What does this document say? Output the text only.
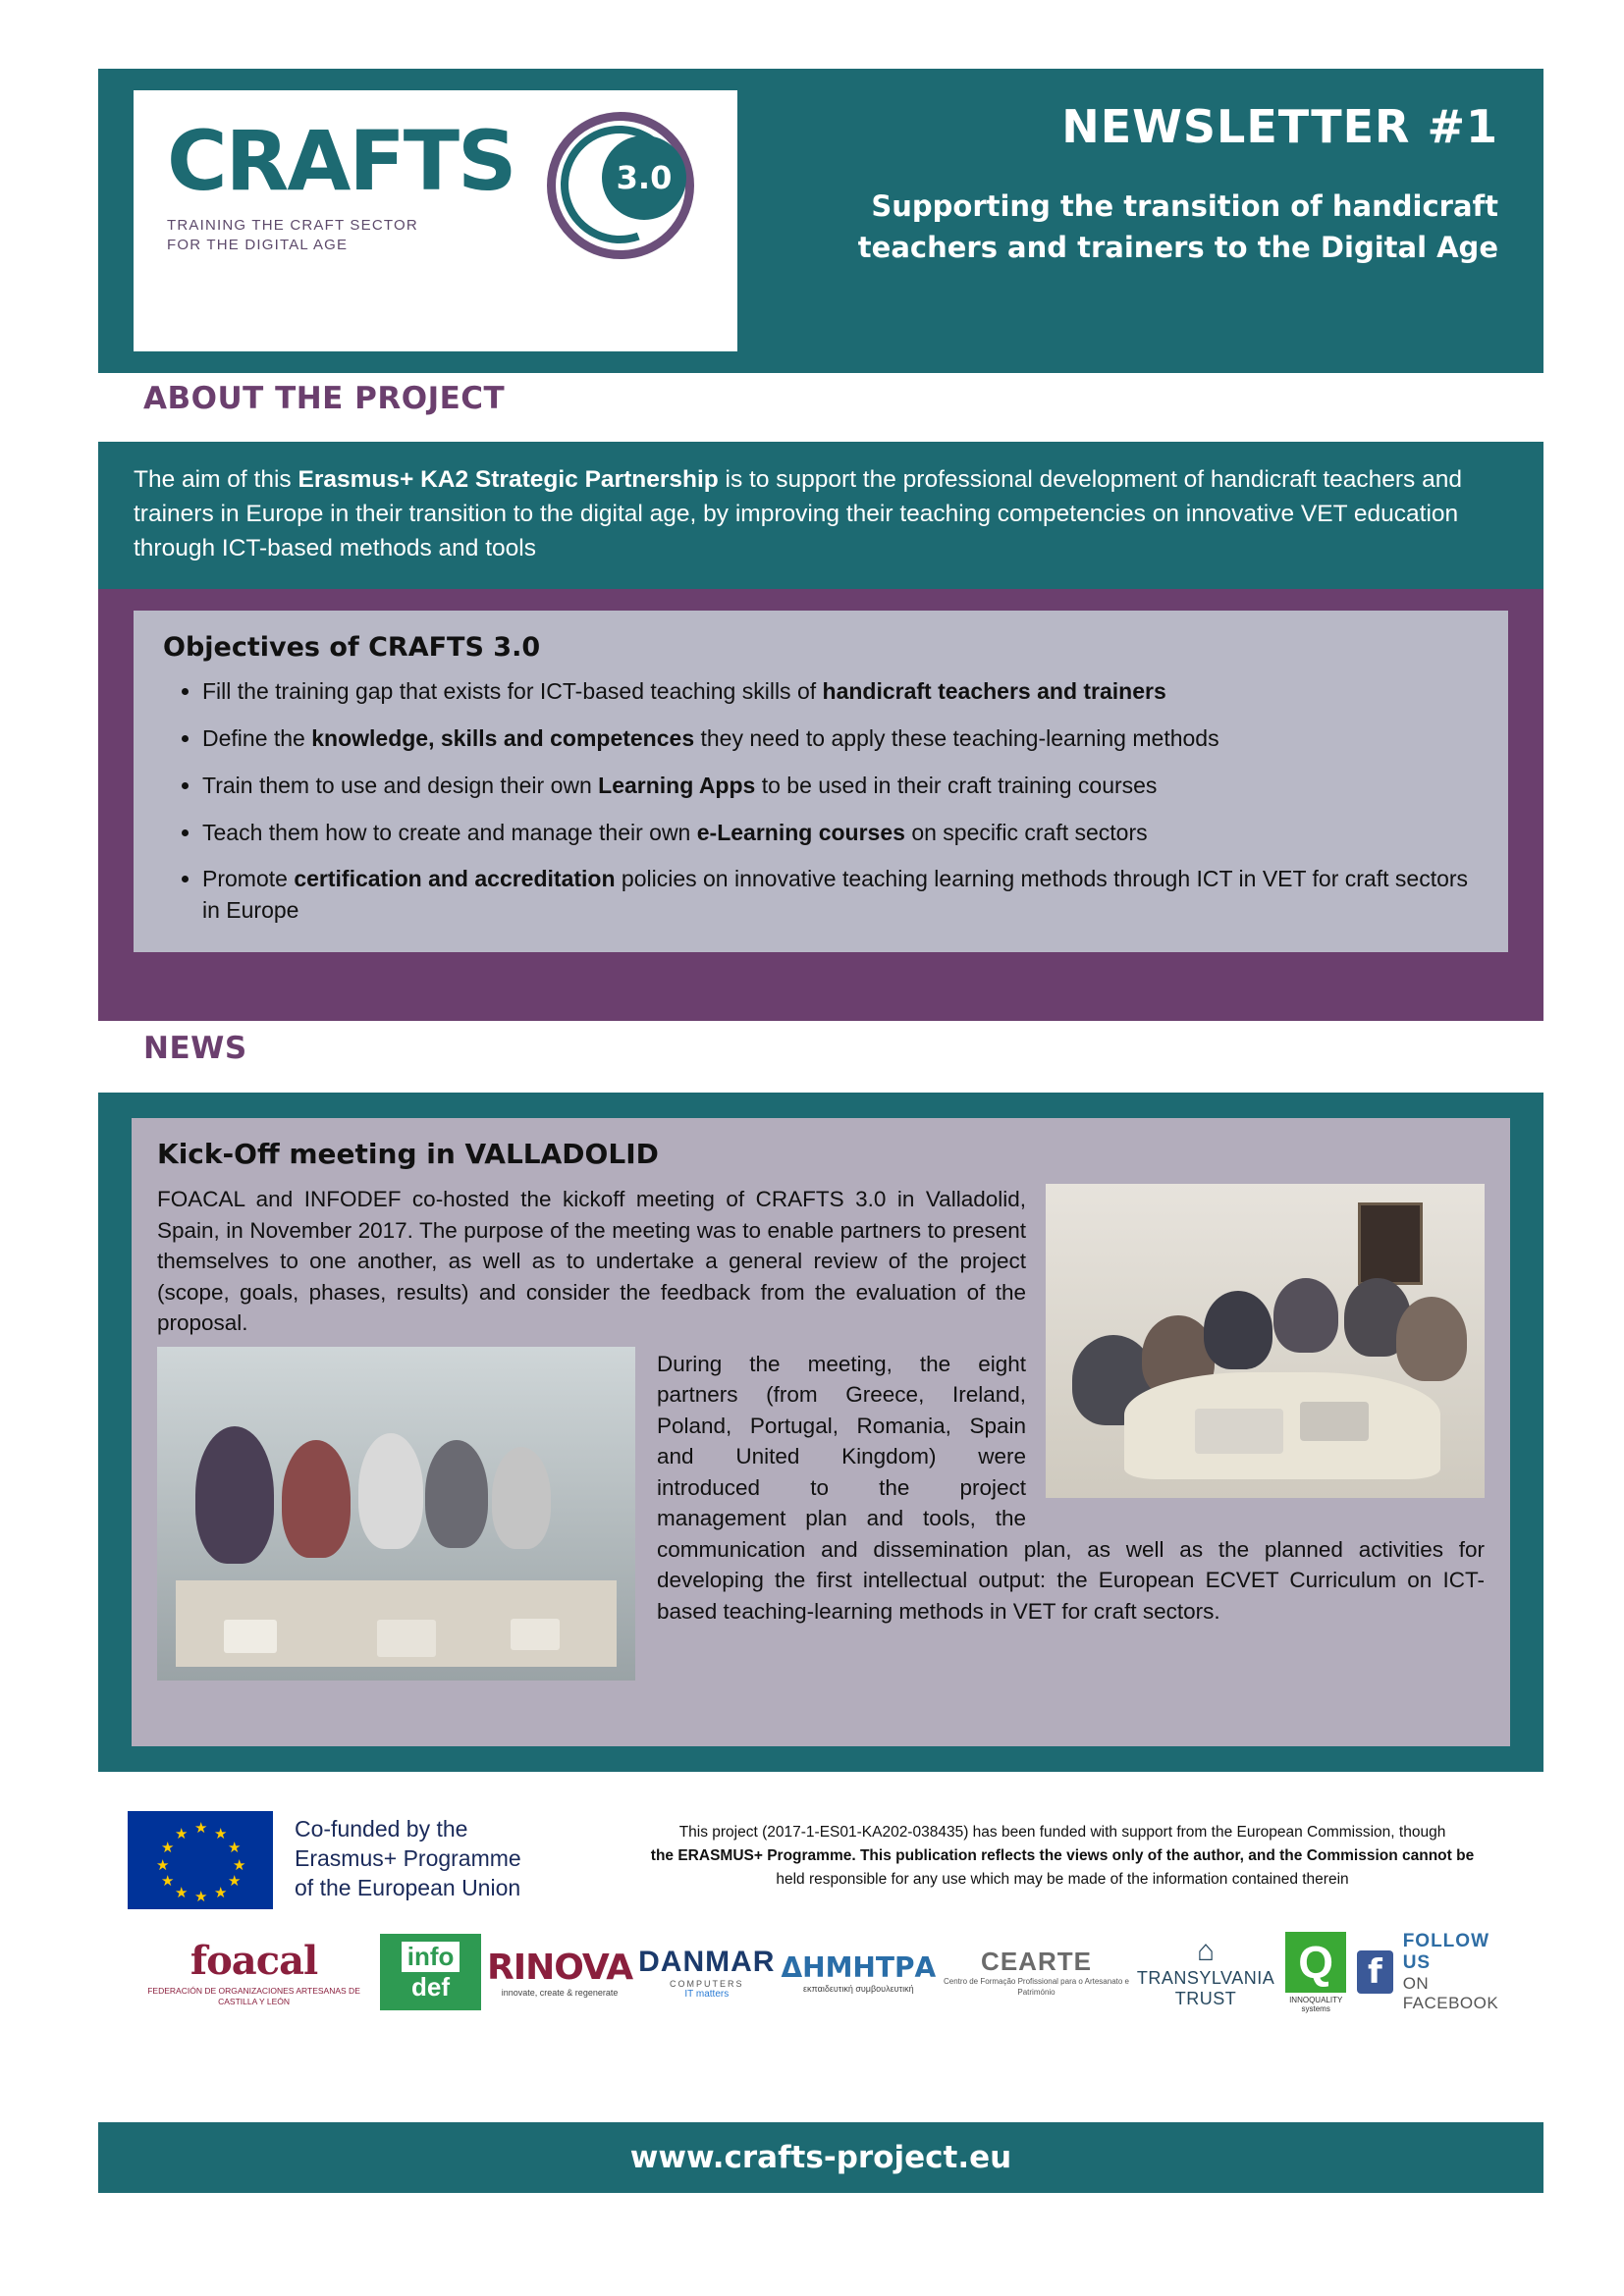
CRAFTS
TRAINING THE CRAFT SECTOR
FOR THE DIGITAL AGE
3.0
NEWSLETTER #1
Supporting the transition of handicraft teachers and trainers to the Digital Age
ABOUT THE PROJECT
The aim of this Erasmus+ KA2 Strategic Partnership is to support the professional development of handicraft teachers and trainers in Europe in their transition to the digital age, by improving their teaching competencies on innovative VET education through ICT-based methods and tools
Objectives of CRAFTS 3.0
• Fill the training gap that exists for ICT-based teaching skills of handicraft teachers and trainers
• Define the knowledge, skills and competences they need to apply these teaching-learning methods
• Train them to use and design their own Learning Apps to be used in their craft training courses
• Teach them how to create and manage their own e-Learning courses on specific craft sectors
• Promote certification and accreditation policies on innovative teaching learning methods through ICT in VET for craft sectors in Europe
NEWS
Kick-Off meeting in VALLADOLID
FOACAL and INFODEF co-hosted the kickoff meeting of CRAFTS 3.0 in Valladolid, Spain, in November 2017. The purpose of the meeting was to enable partners to present themselves to one another, as well as to undertake a general review of the project (scope, goals, phases, results) and consider the feedback from the evaluation of the proposal.
During the meeting, the eight partners (from Greece, Ireland, Poland, Portugal, Romania, Spain and United Kingdom) were introduced to the project management plan and tools, the communication and dissemination plan, as well as the planned activities for developing the first intellectual output: the European ECVET Curriculum on ICT-based teaching-learning methods in VET for craft sectors.
★ ★
★
★
★
★
★
★
★
★
★
★	Co-funded by the
Erasmus+ Programme
of the European Union
This project (2017-1-ES01-KA202-038435) has been funded with support from the European Commission, though
the ERASMUS+ Programme. This publication reflects the views only of the author, and the Commission cannot be
held responsible for any use which may be made of the information contained therein
foacal
FEDERACIÓN DE ORGANIZACIONES ARTESANAS DE CASTILLA Y LEÓN
infodef	RINOVA
innovate, create & regenerate
DANMAR
COMPUTERS
IT matters
ΔΗΜΗΤΡΑ
εκπαιδευτική συμβουλευτική
CEARTE
Centro de Formação Profissional para o Artesanato e Património
⌂
TRANSYLVANIA
TRUST
Q
INNOQUALITY systems
f
FOLLOW US
ON FACEBOOK
www.crafts-project.eu
